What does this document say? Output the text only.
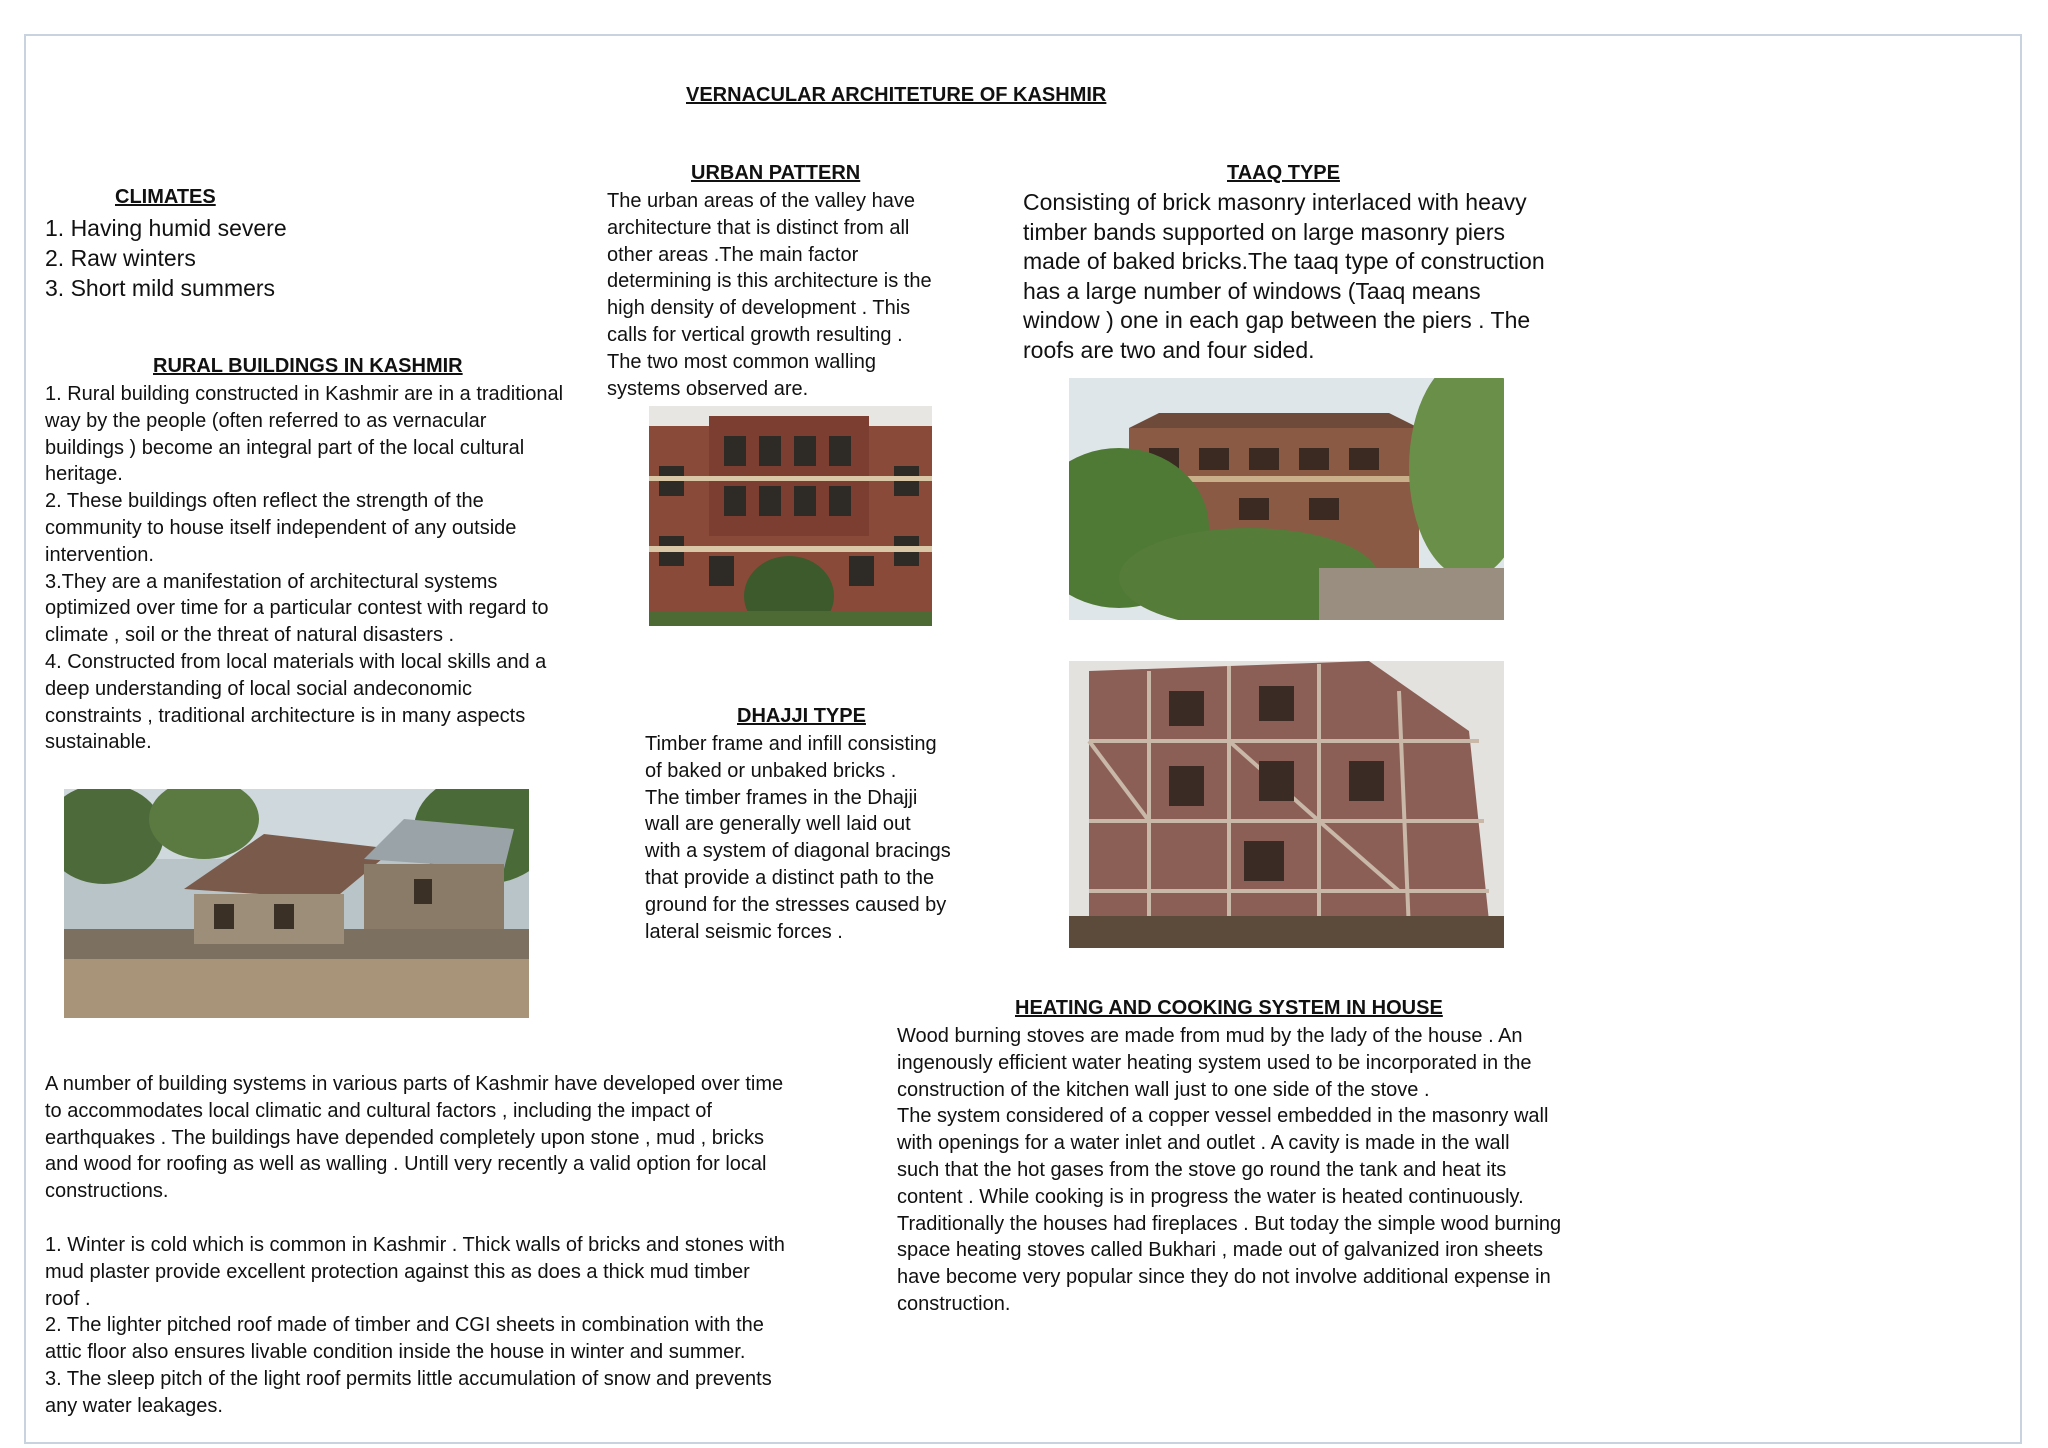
VERNACULAR ARCHITETURE OF KASHMIR
CLIMATES
1. Having humid severe
2. Raw winters
3. Short mild summers
RURAL BUILDINGS IN KASHMIR
1. Rural building constructed in Kashmir are in a traditional
way by the people (often referred to as vernacular
buildings ) become an integral part of the local cultural
heritage.
2. These buildings often reflect the strength of the
community to house itself independent of any outside
intervention.
3.They are a manifestation of architectural systems
optimized over time for a particular contest with regard to
climate , soil or the threat of natural disasters .
4. Constructed from local materials with local skills and a
deep understanding of local social andeconomic
constraints , traditional architecture is in many aspects
sustainable.
URBAN PATTERN
The urban areas of the valley have
architecture that is distinct from all
other areas .The main factor
determining is this architecture is the
high density of development . This
calls for vertical growth resulting .
The two most common walling
systems observed are.
TAAQ TYPE
Consisting of brick masonry interlaced with heavy
timber bands supported on large masonry piers
made of baked bricks.The taaq type of construction
has a large number of windows (Taaq means
window ) one in each gap between the piers . The
roofs are two and four sided.
DHAJJI TYPE
Timber frame and infill consisting
of baked or unbaked bricks .
The timber frames in the Dhajji
wall are generally well laid out
with a system of diagonal bracings
that provide a distinct path to the
ground for the stresses caused by
lateral seismic forces .
HEATING AND COOKING SYSTEM IN HOUSE
Wood burning stoves are made from mud by the lady of the house . An
ingenously efficient water heating system used to be incorporated in the
construction of the kitchen wall just to one side of the stove .
The system considered of a copper vessel embedded in the masonry wall
with openings for a water inlet and outlet . A cavity is made in the wall
such that the hot gases from the stove go round the tank and heat its
content . While cooking is in progress the water is heated continuously.
Traditionally the houses had fireplaces . But today the simple wood burning
space heating stoves called Bukhari , made out of galvanized iron sheets
have become very popular since they do not involve additional expense in
construction.
A number of building systems in various parts of Kashmir have developed over time
to accommodates local climatic and cultural factors , including the impact of
earthquakes . The buildings have depended completely upon stone , mud , bricks
and wood for roofing as well as walling . Untill very recently a valid option for local
constructions.
1. Winter is cold which is common in Kashmir . Thick walls of bricks and stones with
mud plaster provide excellent protection against this as does a thick mud timber
roof .
2. The lighter pitched roof made of timber and CGI sheets in combination with the
attic floor also ensures livable condition inside the house in winter and summer.
3. The sleep pitch of the light roof permits little accumulation of snow and prevents
any water leakages.
